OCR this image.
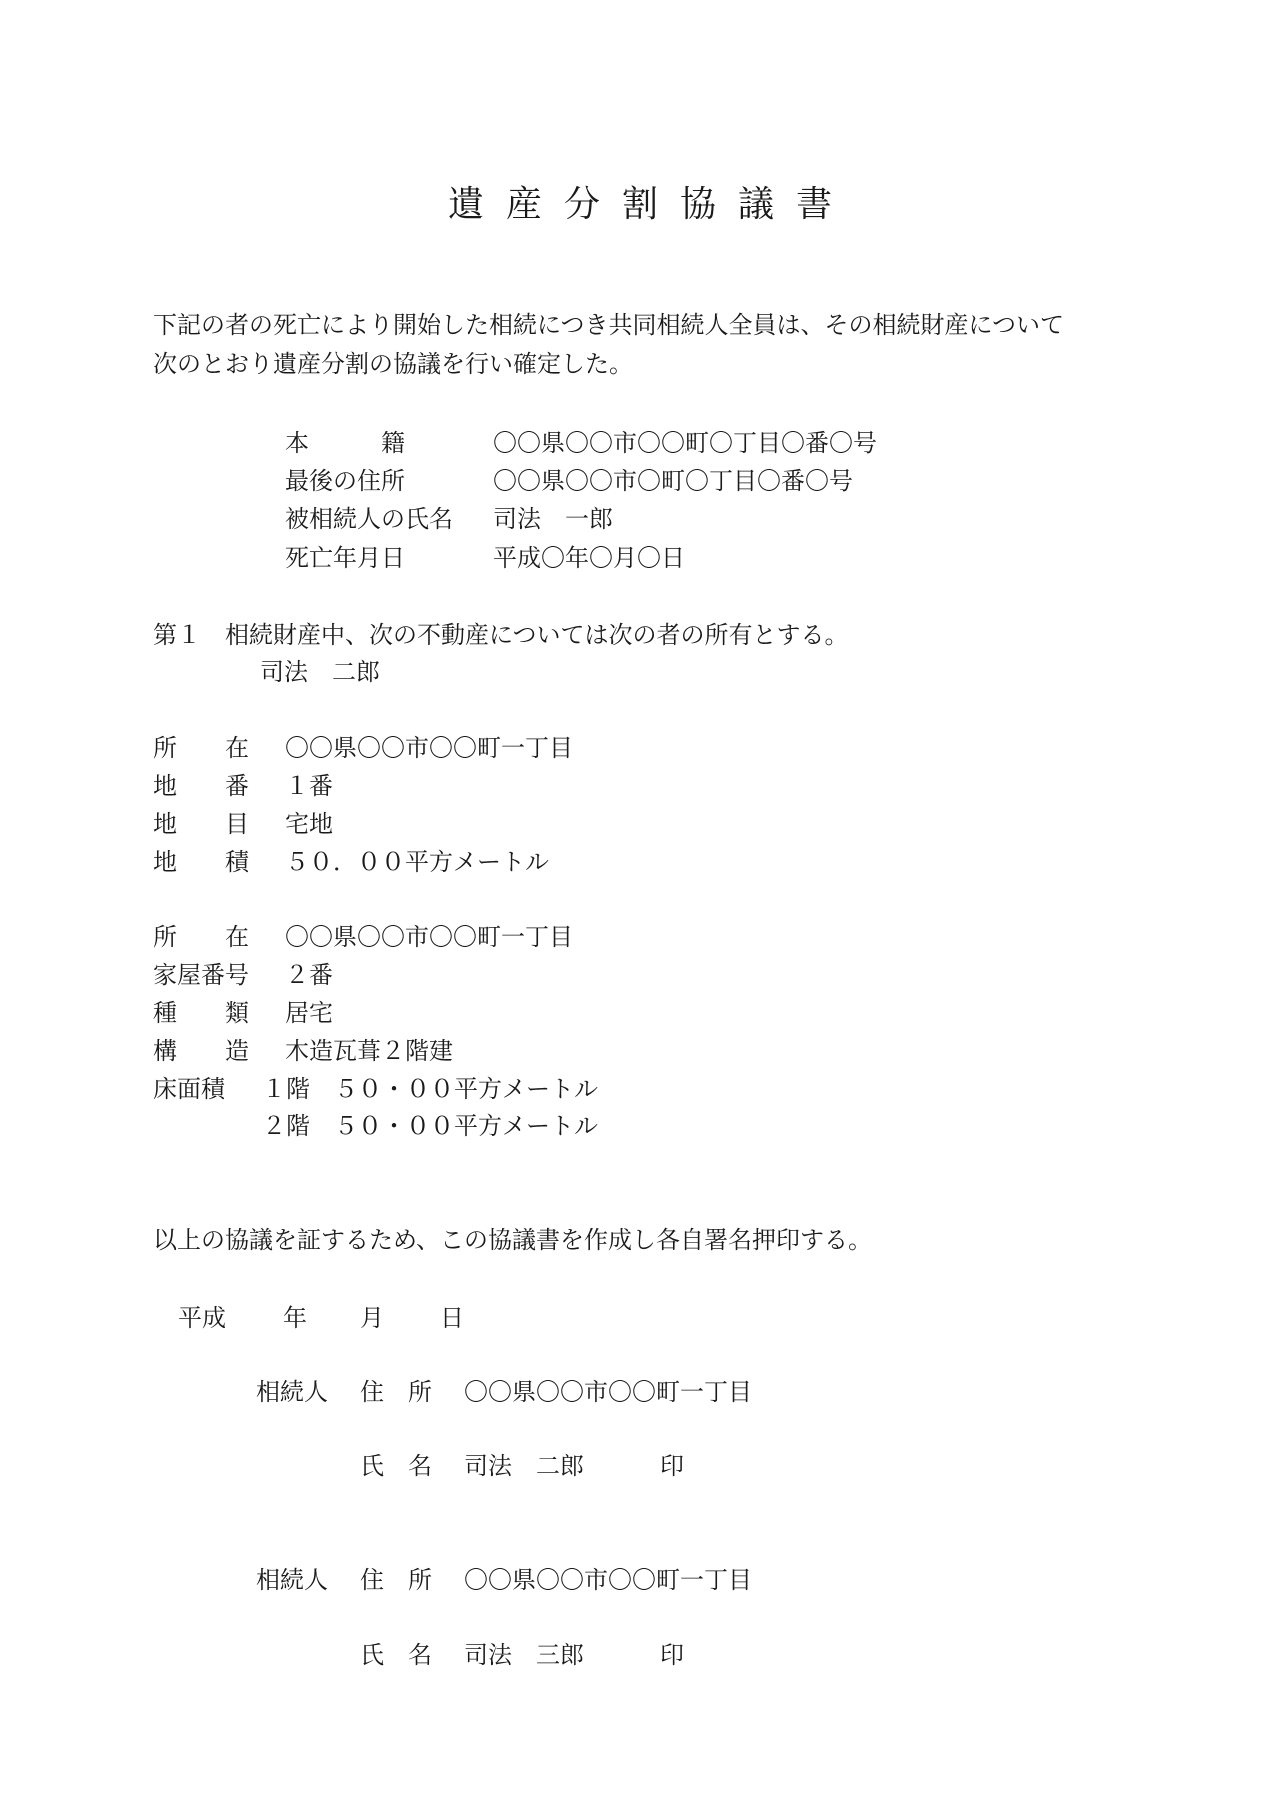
遺産分割協議書
下記の者の死亡により開始した相続につき共同相続人全員は、その相続財産について
次のとおり遺産分割の協議を行い確定した。
本　　　籍	〇〇県〇〇市〇〇町〇丁目〇番〇号
最後の住所	〇〇県〇〇市〇町〇丁目〇番〇号
被相続人の氏名 司法　一郎
死亡年月日	平成〇年〇月〇日
第１　相続財産中、次の不動産については次の者の所有とする。
司法　二郎
所　　在 〇〇県〇〇市〇〇町一丁目
地　　番 １番
地　　目 宅地
地　　積 ５０．００平方メートル
所　　在 〇〇県〇〇市〇〇町一丁目
家屋番号 ２番
種　　類 居宅
構　　造 木造瓦葺２階建
床面積 １階　５０・００平方メートル
２階　５０・００平方メートル
以上の協議を証するため、この協議書を作成し各自署名押印する。
平成 年 月 日
相続人 住　所 〇〇県〇〇市〇〇町一丁目
氏　名 司法　二郎	印
相続人 住　所 〇〇県〇〇市〇〇町一丁目
氏　名 司法　三郎	印
